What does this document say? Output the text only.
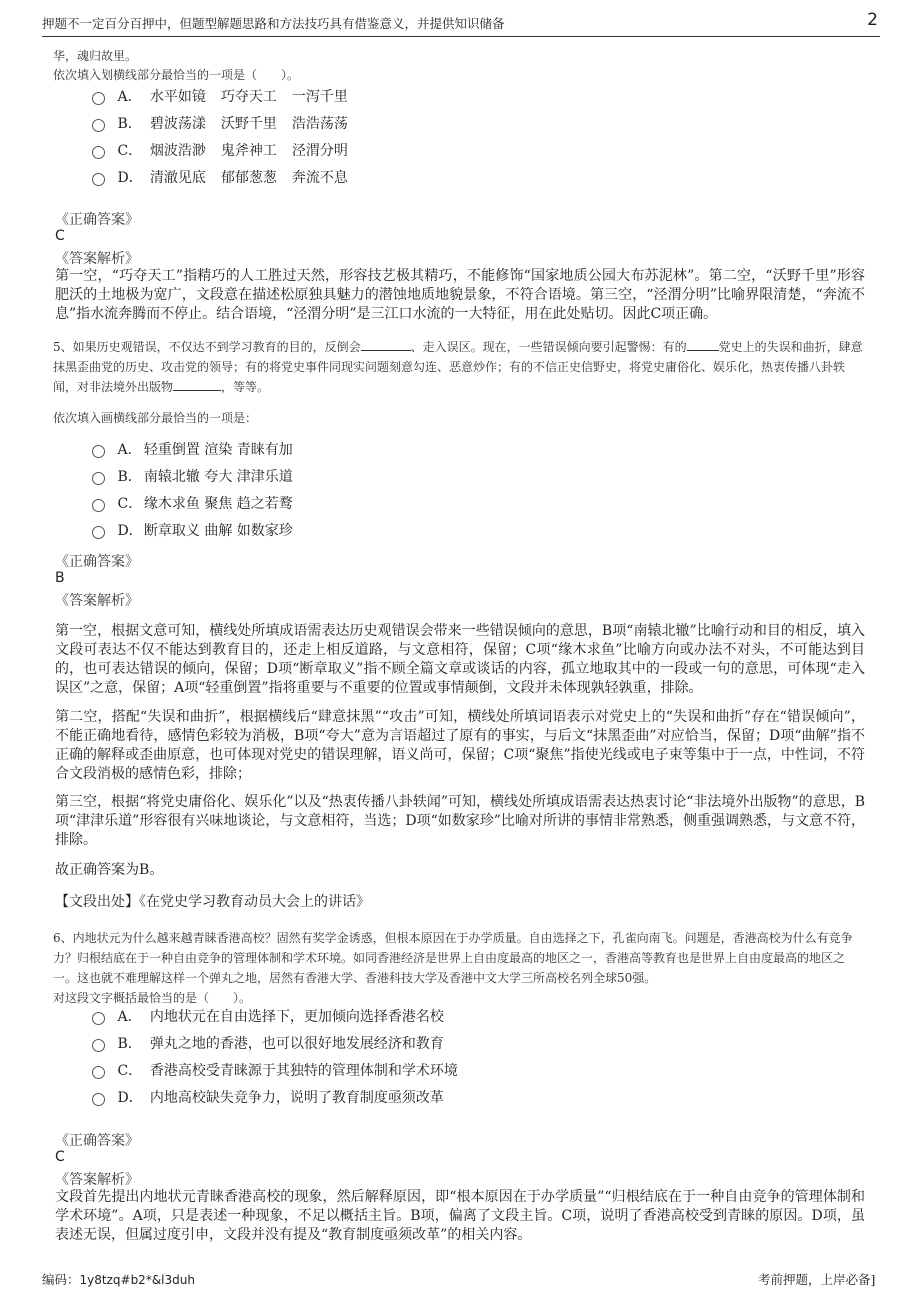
押题不一定百分百押中，但题型解题思路和方法技巧具有借鉴意义，并提供知识储备	2
华，魂归故里。
依次填入划横线部分最恰当的一项是（　　）。
A． 水平如镜 巧夺天工 一泻千里
B． 碧波荡漾 沃野千里 浩浩荡荡
C． 烟波浩渺 鬼斧神工 泾渭分明
D． 清澈见底 郁郁葱葱 奔流不息
《正确答案》
C
《答案解析》
第一空，“巧夺天工”指精巧的人工胜过天然，形容技艺极其精巧，不能修饰“国家地质公园大布苏泥林”。第二空，“沃野千里”形容肥沃的土地极为宽广，文段意在描述松原独具魅力的潜蚀地质地貌景象，不符合语境。第三空，“泾渭分明”比喻界限清楚，“奔流不息”指水流奔腾而不停止。结合语境，“泾渭分明”是三江口水流的一大特征，用在此处贴切。因此C项正确。
5、如果历史观错误，不仅达不到学习教育的目的，反倒会	、走入误区。现在，一些错误倾向要引起警惕：有的	党史上的失误和曲折，肆意抹黑歪曲党的历史、攻击党的领导；有的将党史事件同现实问题刻意勾连、恶意炒作；有的不信正史信野史，将党史庸俗化、娱乐化，热衷传播八卦轶闻，对非法境外出版物	，等等。
依次填入画横线部分最恰当的一项是：
A． 轻重倒置 渲染 青睐有加
B． 南辕北辙 夸大 津津乐道
C． 缘木求鱼 聚焦 趋之若鹜
D． 断章取义 曲解 如数家珍
《正确答案》
B
《答案解析》
第一空，根据文意可知，横线处所填成语需表达历史观错误会带来一些错误倾向的意思，B项“南辕北辙”比喻行动和目的相反，填入文段可表达不仅不能达到教育目的，还走上相反道路，与文意相符，保留；C项“缘木求鱼”比喻方向或办法不对头，不可能达到目的，也可表达错误的倾向，保留；D项“断章取义”指不顾全篇文章或谈话的内容，孤立地取其中的一段或一句的意思，可体现“走入误区”之意，保留；A项“轻重倒置”指将重要与不重要的位置或事情颠倒，文段并未体现孰轻孰重，排除。
第二空，搭配“失误和曲折”，根据横线后“肆意抹黑”“攻击”可知，横线处所填词语表示对党史上的“失误和曲折”存在“错误倾向”，不能正确地看待，感情色彩较为消极，B项“夸大”意为言语超过了原有的事实，与后文“抹黑歪曲”对应恰当，保留；D项“曲解”指不正确的解释或歪曲原意，也可体现对党史的错误理解，语义尚可，保留；C项“聚焦”指使光线或电子束等集中于一点，中性词，不符合文段消极的感情色彩，排除；
第三空，根据“将党史庸俗化、娱乐化”以及“热衷传播八卦轶闻”可知，横线处所填成语需表达热衷讨论“非法境外出版物”的意思，B项“津津乐道”形容很有兴味地谈论，与文意相符，当选；D项“如数家珍”比喻对所讲的事情非常熟悉，侧重强调熟悉，与文意不符，排除。
故正确答案为B。
【文段出处】《在党史学习教育动员大会上的讲话》
6、内地状元为什么越来越青睐香港高校？固然有奖学金诱惑，但根本原因在于办学质量。自由选择之下，孔雀向南飞。问题是，香港高校为什么有竞争力？归根结底在于一种自由竞争的管理体制和学术环境。如同香港经济是世界上自由度最高的地区之一，香港高等教育也是世界上自由度最高的地区之一。这也就不难理解这样一个弹丸之地，居然有香港大学、香港科技大学及香港中文大学三所高校名列全球50强。
对这段文字概括最恰当的是（　　）。
A． 内地状元在自由选择下，更加倾向选择香港名校
B． 弹丸之地的香港，也可以很好地发展经济和教育
C． 香港高校受青睐源于其独特的管理体制和学术环境
D． 内地高校缺失竞争力，说明了教育制度亟须改革
《正确答案》
C
《答案解析》
文段首先提出内地状元青睐香港高校的现象，然后解释原因，即“根本原因在于办学质量”“归根结底在于一种自由竞争的管理体制和学术环境”。A项，只是表述一种现象，不足以概括主旨。B项，偏离了文段主旨。C项，说明了香港高校受到青睐的原因。D项，虽表述无误，但属过度引申，文段并没有提及“教育制度亟须改革”的相关内容。
编码：1y8tzq#b2*&l3duh	考前押题，上岸必备]
